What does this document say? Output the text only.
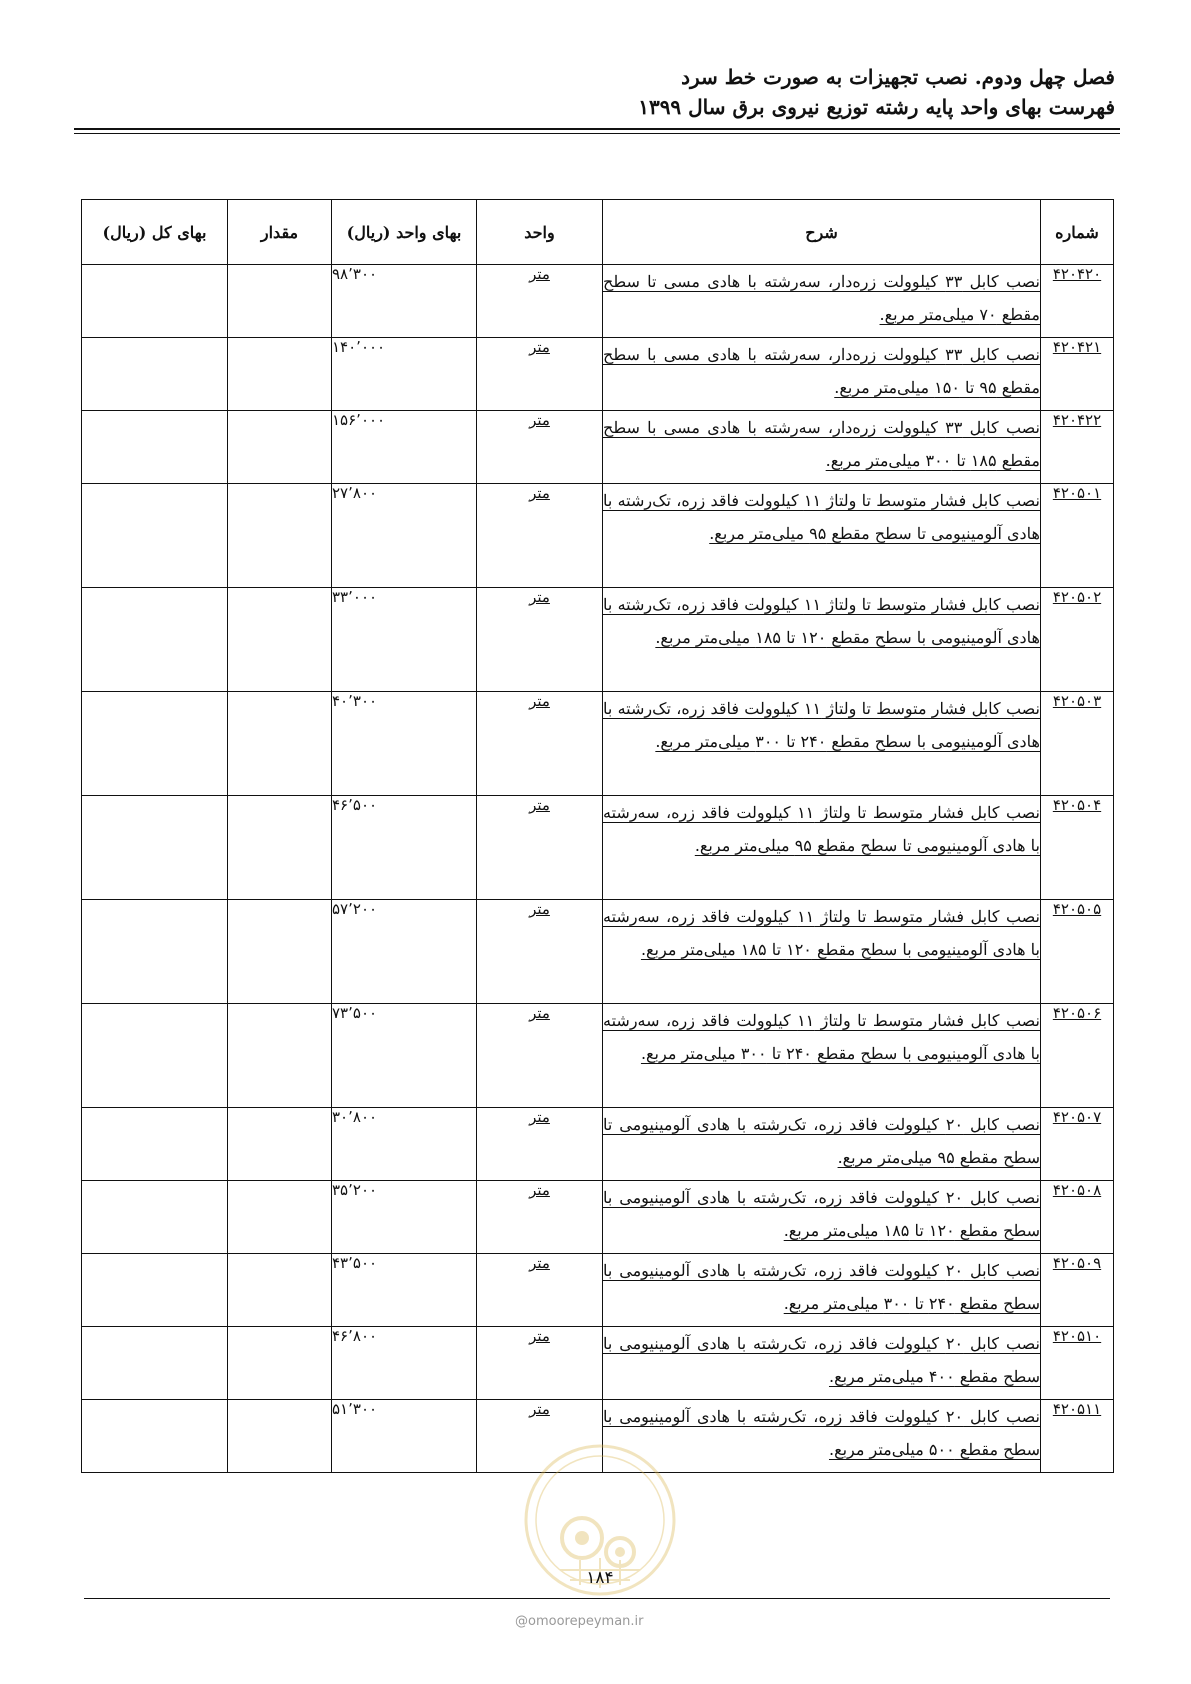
فصل چهل ودوم. نصب تجهیزات به صورت خط سرد
فهرست بهای واحد پایه رشته توزیع نیروی برق سال ۱۳۹۹
شماره	شرح	واحد	بهای واحد (ریال)	مقدار	بهای کل (ریال)
۴۲۰۴۲۰	نصب کابل ۳۳ کیلوولت زره‌دار، سه‌رشته با هادی مسی تا سطح مقطع ۷۰ میلی‌متر مربع.	متر	۹۸٬۳۰۰		
۴۲۰۴۲۱	نصب کابل ۳۳ کیلوولت زره‌دار، سه‌رشته با هادی مسی با سطح مقطع ۹۵ تا ۱۵۰ میلی‌متر مربع.	متر	۱۴۰٬۰۰۰		
۴۲۰۴۲۲	نصب کابل ۳۳ کیلوولت زره‌دار، سه‌رشته با هادی مسی با سطح مقطع ۱۸۵ تا ۳۰۰ میلی‌متر مربع.	متر	۱۵۶٬۰۰۰		
۴۲۰۵۰۱	نصب کابل فشار متوسط تا ولتاژ ۱۱ کیلوولت فاقد زره، تک‌رشته با هادی آلومینیومی تا سطح مقطع ۹۵ میلی‌متر مربع.	متر	۲۷٬۸۰۰		
۴۲۰۵۰۲	نصب کابل فشار متوسط تا ولتاژ ۱۱ کیلوولت فاقد زره، تک‌رشته با هادی آلومینیومی با سطح مقطع ۱۲۰ تا ۱۸۵ میلی‌متر مربع.	متر	۳۳٬۰۰۰		
۴۲۰۵۰۳	نصب کابل فشار متوسط تا ولتاژ ۱۱ کیلوولت فاقد زره، تک‌رشته با هادی آلومینیومی با سطح مقطع ۲۴۰ تا ۳۰۰ میلی‌متر مربع.	متر	۴۰٬۳۰۰		
۴۲۰۵۰۴	نصب کابل فشار متوسط تا ولتاژ ۱۱ کیلوولت فاقد زره، سه‌رشته با هادی آلومینیومی تا سطح مقطع ۹۵ میلی‌متر مربع.	متر	۴۶٬۵۰۰		
۴۲۰۵۰۵	نصب کابل فشار متوسط تا ولتاژ ۱۱ کیلوولت فاقد زره، سه‌رشته با هادی آلومینیومی با سطح مقطع ۱۲۰ تا ۱۸۵ میلی‌متر مربع.	متر	۵۷٬۲۰۰		
۴۲۰۵۰۶	نصب کابل فشار متوسط تا ولتاژ ۱۱ کیلوولت فاقد زره، سه‌رشته با هادی آلومینیومی با سطح مقطع ۲۴۰ تا ۳۰۰ میلی‌متر مربع.	متر	۷۳٬۵۰۰		
۴۲۰۵۰۷	نصب کابل ۲۰ کیلوولت فاقد زره، تک‌رشته با هادی آلومینیومی تا سطح مقطع ۹۵ میلی‌متر مربع.	متر	۳۰٬۸۰۰		
۴۲۰۵۰۸	نصب کابل ۲۰ کیلوولت فاقد زره، تک‌رشته با هادی آلومینیومی با سطح مقطع ۱۲۰ تا ۱۸۵ میلی‌متر مربع.	متر	۳۵٬۲۰۰		
۴۲۰۵۰۹	نصب کابل ۲۰ کیلوولت فاقد زره، تک‌رشته با هادی آلومینیومی با سطح مقطع ۲۴۰ تا ۳۰۰ میلی‌متر مربع.	متر	۴۳٬۵۰۰		
۴۲۰۵۱۰	نصب کابل ۲۰ کیلوولت فاقد زره، تک‌رشته با هادی آلومینیومی با سطح مقطع ۴۰۰ میلی‌متر مربع.	متر	۴۶٬۸۰۰		
۴۲۰۵۱۱	نصب کابل ۲۰ کیلوولت فاقد زره، تک‌رشته با هادی آلومینیومی با سطح مقطع ۵۰۰ میلی‌متر مربع.	متر	۵۱٬۳۰۰		
۱۸۴
@omoorepeyman.ir
